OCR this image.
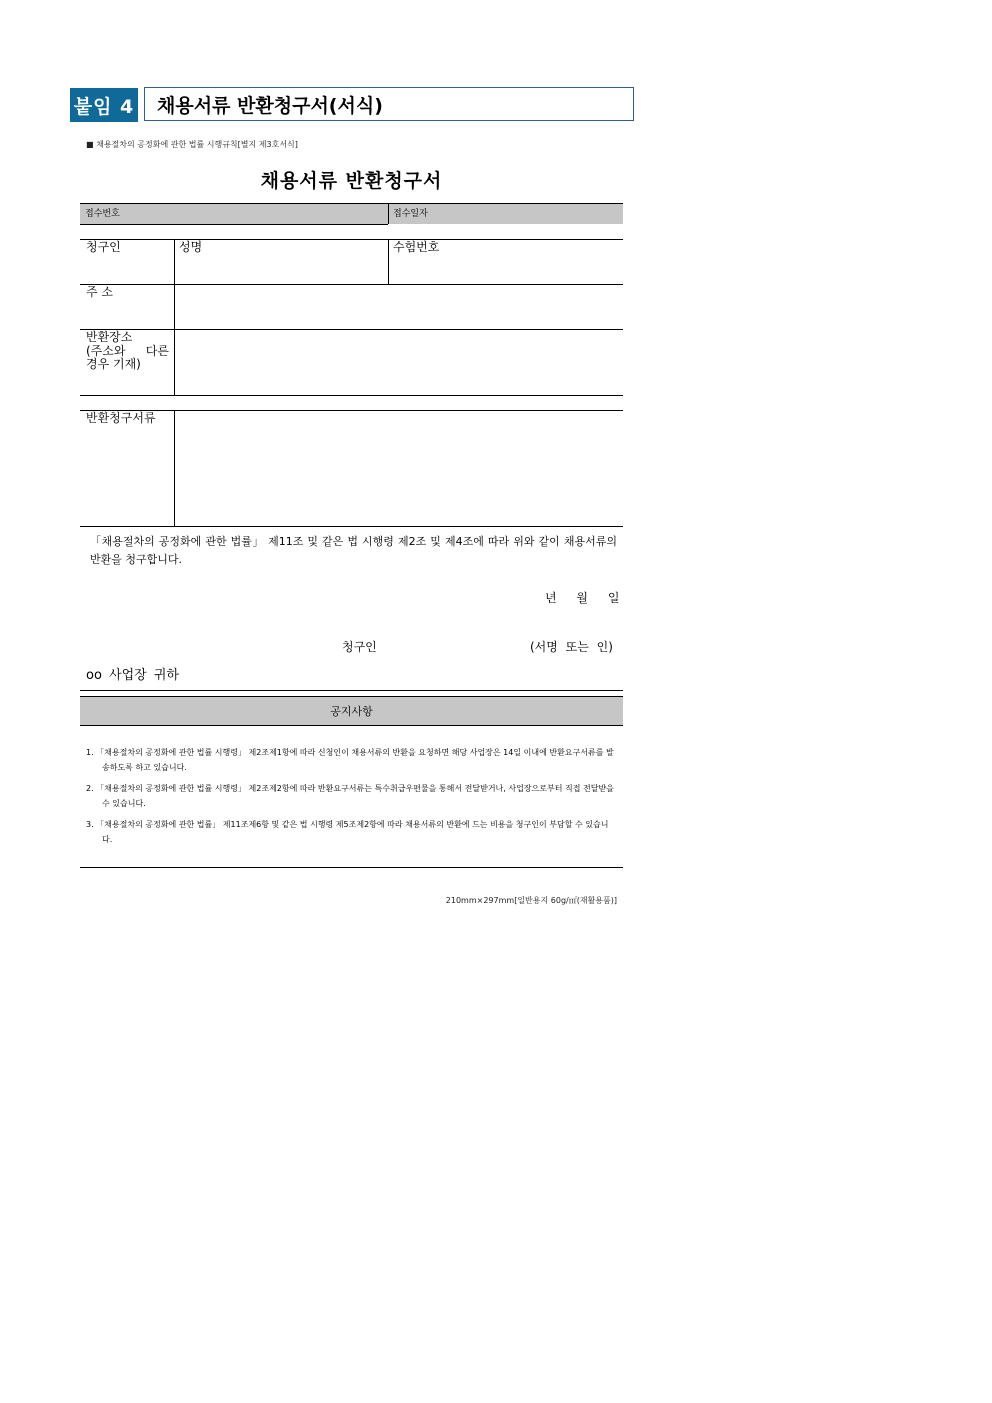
붙임 4	채용서류 반환청구서(서식)
■ 채용절차의 공정화에 관한 법률 시행규칙[별지 제3호서식]
채용서류 반환청구서
접수번호	접수일자
청구인	성명	수험번호
주 소
반환장소
(주소와 다른
경우 기재)
반환청구서류
「채용절차의 공정화에 관한 법률」 제11조 및 같은 법 시행령 제2조 및 제4조에 따라 위와 같이 채용서류의 반환을 청구합니다.
년 월 일
청구인	(서명 또는 인)
oo 사업장 귀하
공지사항
1. 「채용절차의 공정화에 관한 법률 시행령」 제2조제1항에 따라 신청인이 채용서류의 반환을 요청하면 해당 사업장은 14일 이내에 반환요구서류를 발송하도록 하고 있습니다.
2. 「채용절차의 공정화에 관한 법률 시행령」 제2조제2항에 따라 반환요구서류는 특수취급우편물을 통해서 전달받거나, 사업장으로부터 직접 전달받을 수 있습니다.
3. 「채용절차의 공정화에 관한 법률」 제11조제6항 및 같은 법 시행령 제5조제2항에 따라 채용서류의 반환에 드는 비용을 청구인이 부담할 수 있습니다.
210mm×297mm[일반용지 60g/㎡(재활용품)]
